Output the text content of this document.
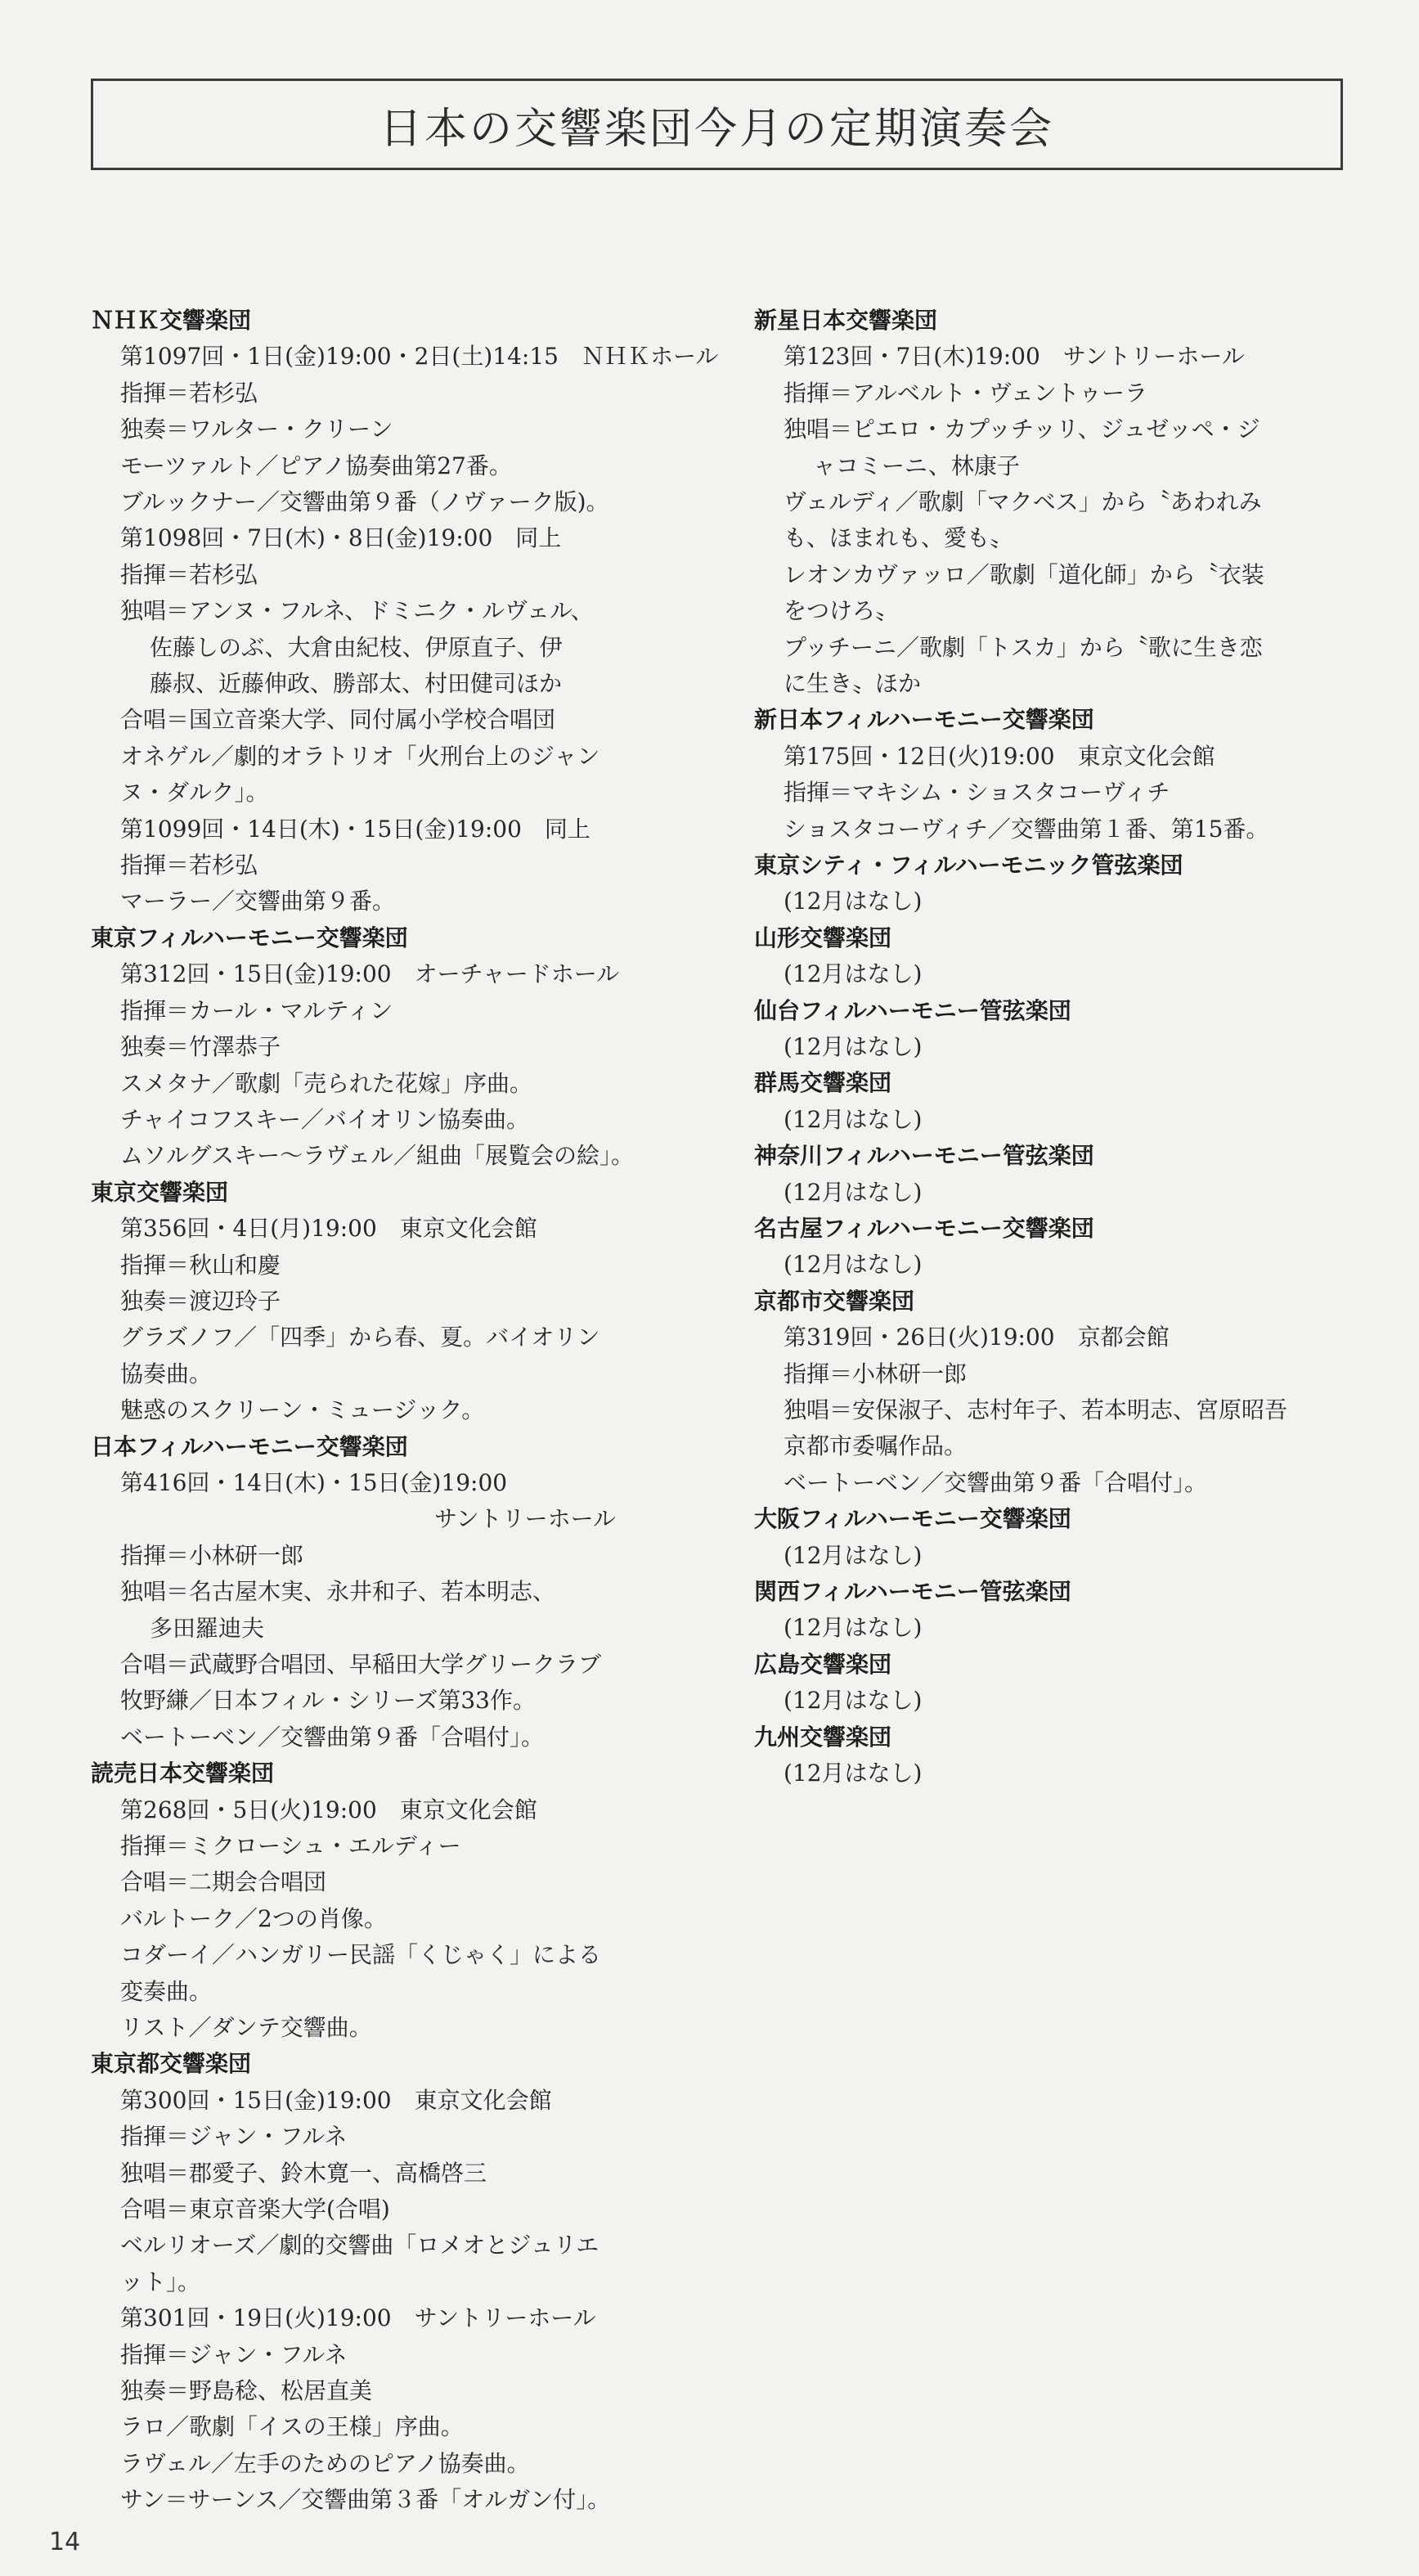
日本の交響楽団今月の定期演奏会
ＮＨＫ交響楽団
第1097回・1日(金)19:00・2日(土)14:15　ＮＨＫホール
指揮＝若杉弘
独奏＝ワルター・クリーン
モーツァルト／ピアノ協奏曲第27番。
ブルックナー／交響曲第９番（ノヴァーク版)。
第1098回・7日(木)・8日(金)19:00　同上
指揮＝若杉弘
独唱＝アンヌ・フルネ、ドミニク・ルヴェル、
佐藤しのぶ、大倉由紀枝、伊原直子、伊
藤叔、近藤伸政、勝部太、村田健司ほか
合唱＝国立音楽大学、同付属小学校合唱団
オネゲル／劇的オラトリオ「火刑台上のジャン
ヌ・ダルク」。
第1099回・14日(木)・15日(金)19:00　同上
指揮＝若杉弘
マーラー／交響曲第９番。
東京フィルハーモニー交響楽団
第312回・15日(金)19:00　オーチャードホール
指揮＝カール・マルティン
独奏＝竹澤恭子
スメタナ／歌劇「売られた花嫁」序曲。
チャイコフスキー／バイオリン協奏曲。
ムソルグスキー～ラヴェル／組曲「展覧会の絵」。
東京交響楽団
第356回・4日(月)19:00　東京文化会館
指揮＝秋山和慶
独奏＝渡辺玲子
グラズノフ／「四季」から春、夏。バイオリン
協奏曲。
魅惑のスクリーン・ミュージック。
日本フィルハーモニー交響楽団
第416回・14日(木)・15日(金)19:00
サントリーホール
指揮＝小林研一郎
独唱＝名古屋木実、永井和子、若本明志、
多田羅迪夫
合唱＝武蔵野合唱団、早稲田大学グリークラブ
牧野縑／日本フィル・シリーズ第33作。
ベートーベン／交響曲第９番「合唱付」。
読売日本交響楽団
第268回・5日(火)19:00　東京文化会館
指揮＝ミクローシュ・エルディー
合唱＝二期会合唱団
バルトーク／2つの肖像。
コダーイ／ハンガリー民謡「くじゃく」による
変奏曲。
リスト／ダンテ交響曲。
東京都交響楽団
第300回・15日(金)19:00　東京文化会館
指揮＝ジャン・フルネ
独唱＝郡愛子、鈴木寛一、高橋啓三
合唱＝東京音楽大学(合唱)
ベルリオーズ／劇的交響曲「ロメオとジュリエ
ット」。
第301回・19日(火)19:00　サントリーホール
指揮＝ジャン・フルネ
独奏＝野島稔、松居直美
ラロ／歌劇「イスの王様」序曲。
ラヴェル／左手のためのピアノ協奏曲。
サン＝サーンス／交響曲第３番「オルガン付」。
新星日本交響楽団
第123回・7日(木)19:00　サントリーホール
指揮＝アルベルト・ヴェントゥーラ
独唱＝ピエロ・カプッチッリ、ジュゼッペ・ジ
ャコミーニ、林康子
ヴェルディ／歌劇「マクベス」から〝あわれみ
も、ほまれも、愛も〟
レオンカヴァッロ／歌劇「道化師」から〝衣装
をつけろ〟
プッチーニ／歌劇「トスカ」から〝歌に生き恋
に生き〟ほか
新日本フィルハーモニー交響楽団
第175回・12日(火)19:00　東京文化会館
指揮＝マキシム・ショスタコーヴィチ
ショスタコーヴィチ／交響曲第１番、第15番。
東京シティ・フィルハーモニック管弦楽団
(12月はなし)
山形交響楽団
(12月はなし)
仙台フィルハーモニー管弦楽団
(12月はなし)
群馬交響楽団
(12月はなし)
神奈川フィルハーモニー管弦楽団
(12月はなし)
名古屋フィルハーモニー交響楽団
(12月はなし)
京都市交響楽団
第319回・26日(火)19:00　京都会館
指揮＝小林研一郎
独唱＝安保淑子、志村年子、若本明志、宮原昭吾
京都市委嘱作品。
ベートーベン／交響曲第９番「合唱付」。
大阪フィルハーモニー交響楽団
(12月はなし)
関西フィルハーモニー管弦楽団
(12月はなし)
広島交響楽団
(12月はなし)
九州交響楽団
(12月はなし)
14
